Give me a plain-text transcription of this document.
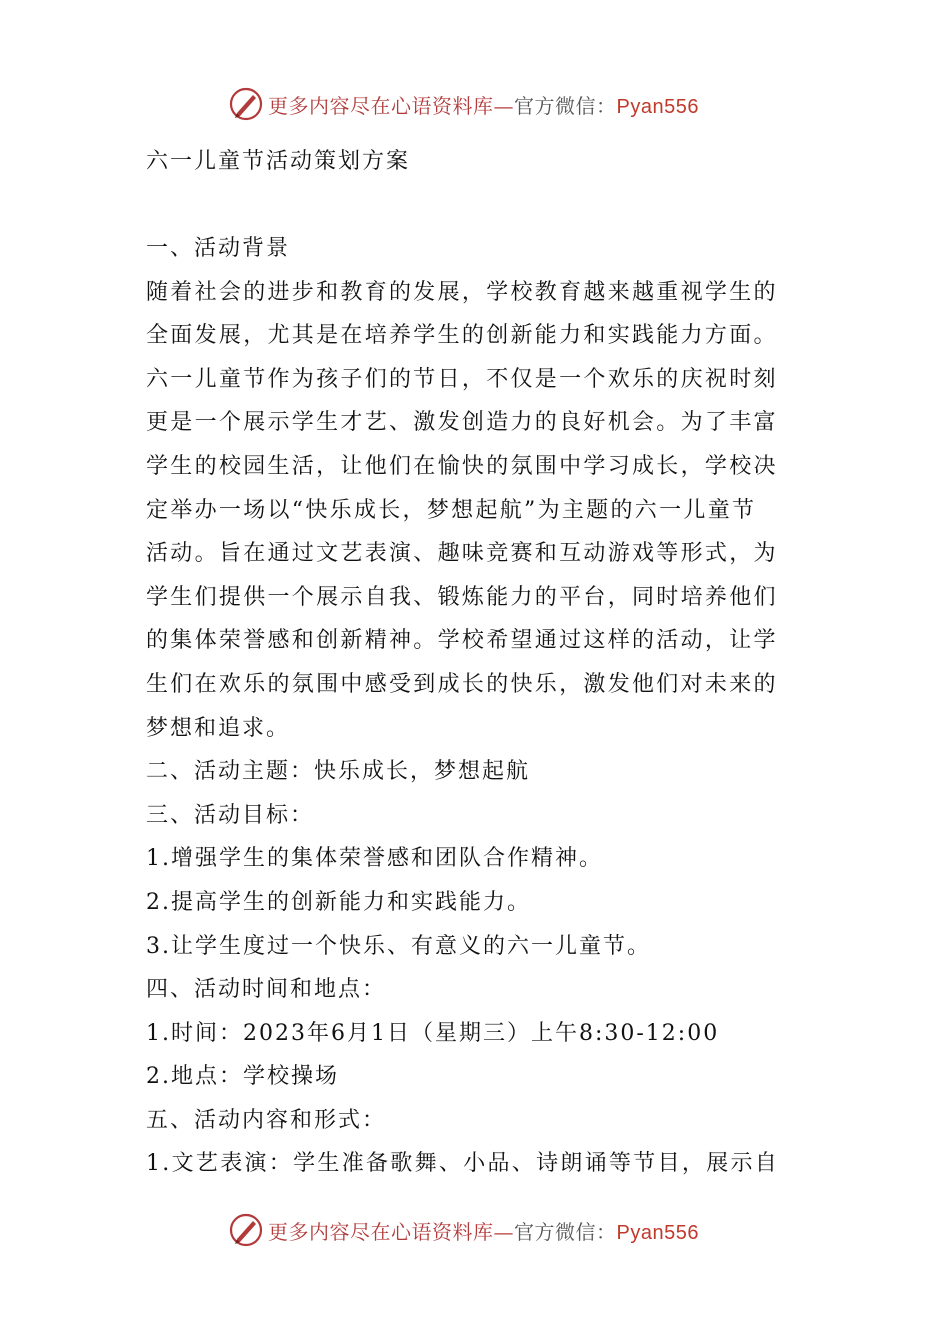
更多内容尽在心语资料库—官方微信：Pyan556
六一儿童节活动策划方案
一、活动背景
随着社会的进步和教育的发展，学校教育越来越重视学生的
全面发展，尤其是在培养学生的创新能力和实践能力方面。
六一儿童节作为孩子们的节日，不仅是一个欢乐的庆祝时刻
更是一个展示学生才艺、激发创造力的良好机会。为了丰富
学生的校园生活，让他们在愉快的氛围中学习成长，学校决
定举办一场以“快乐成长，梦想起航”为主题的六一儿童节
活动。旨在通过文艺表演、趣味竞赛和互动游戏等形式，为
学生们提供一个展示自我、锻炼能力的平台，同时培养他们
的集体荣誉感和创新精神。学校希望通过这样的活动，让学
生们在欢乐的氛围中感受到成长的快乐，激发他们对未来的
梦想和追求。
二、活动主题：快乐成长，梦想起航
三、活动目标：
1.增强学生的集体荣誉感和团队合作精神。
2.提高学生的创新能力和实践能力。
3.让学生度过一个快乐、有意义的六一儿童节。
四、活动时间和地点：
1.时间：2023年6月1日（星期三）上午8:30-12:00
2.地点：学校操场
五、活动内容和形式：
1.文艺表演：学生准备歌舞、小品、诗朗诵等节目，展示自
更多内容尽在心语资料库—官方微信：Pyan556
